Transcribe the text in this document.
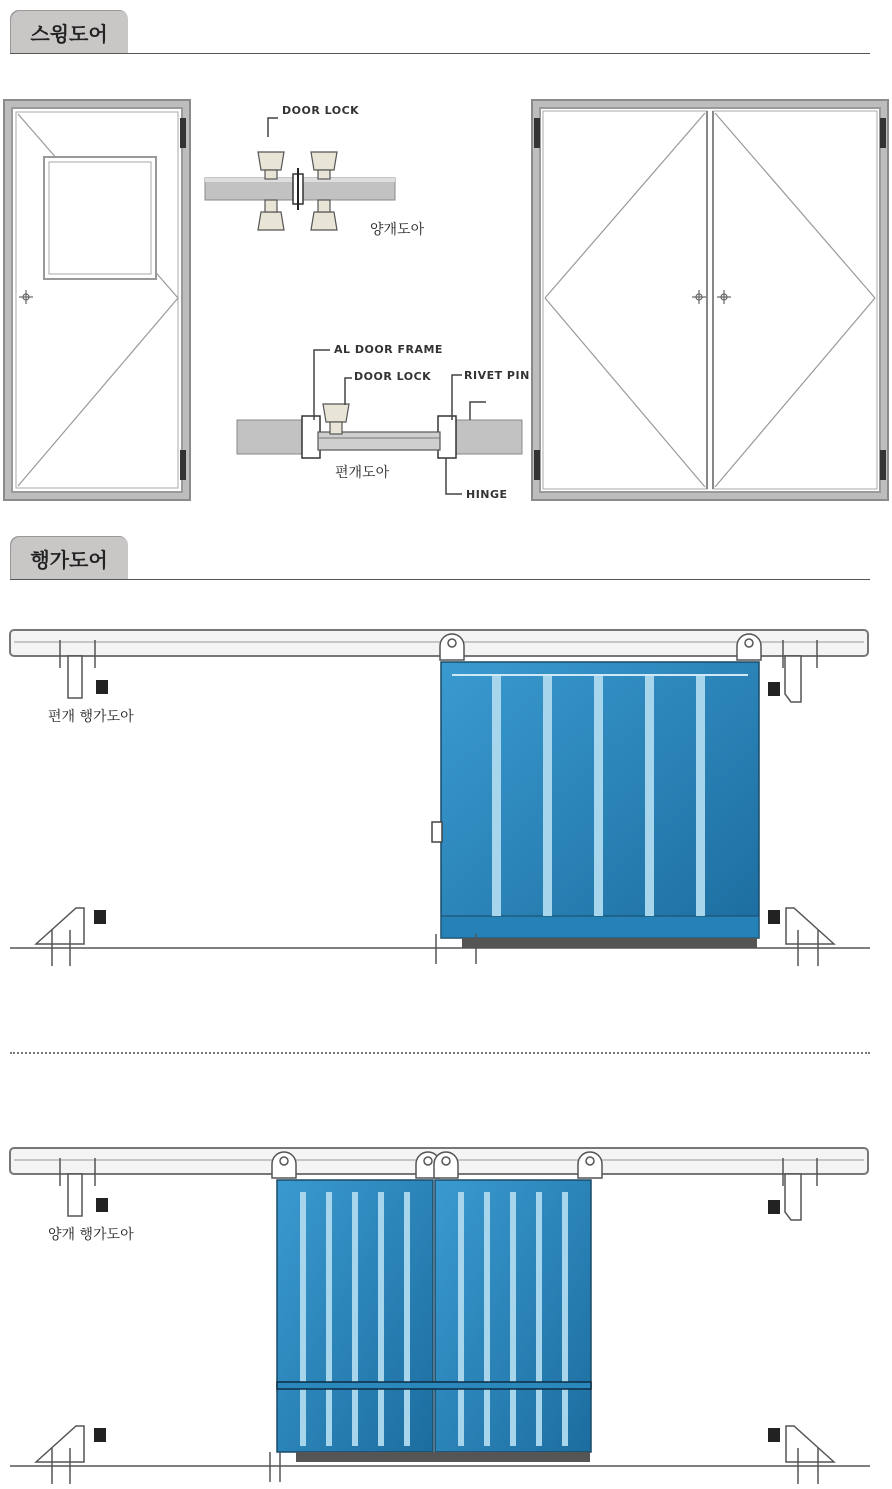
스윙도어
행가도어
DOOR LOCK
양개도아
AL DOOR FRAME
DOOR LOCK	RIVET PIN
편개도아
HINGE
편개 행가도아
양개 행가도아
